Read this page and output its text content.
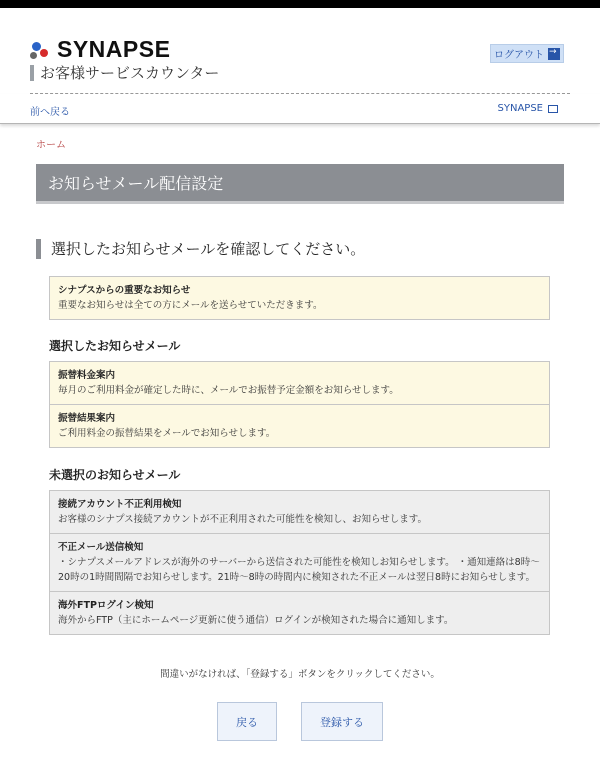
SYNAPSE
お客様サービスカウンター
ログアウト
→
前へ戻る	SYNAPSE
ホーム
お知らせメール配信設定
選択したお知らせメールを確認してください。
シナプスからの重要なお知らせ
重要なお知らせは全ての方にメールを送らせていただきます。
選択したお知らせメール
振替料金案内
毎月のご利用料金が確定した時に、メールでお振替予定金額をお知らせします。
振替結果案内
ご利用料金の振替結果をメールでお知らせします。
未選択のお知らせメール
接続アカウント不正利用検知
お客様のシナプス接続アカウントが不正利用された可能性を検知し、お知らせします。
不正メール送信検知
・シナプスメールアドレスが海外のサーバーから送信された可能性を検知しお知らせします。 ・通知連絡は8時〜20時の1時間間隔でお知らせします。21時〜8時の時間内に検知された不正メールは翌日8時にお知らせします。
海外FTPログイン検知
海外からFTP（主にホームページ更新に使う通信）ログインが検知された場合に通知します。
間違いがなければ、「登録する」ボタンをクリックしてください。
戻る	登録する
